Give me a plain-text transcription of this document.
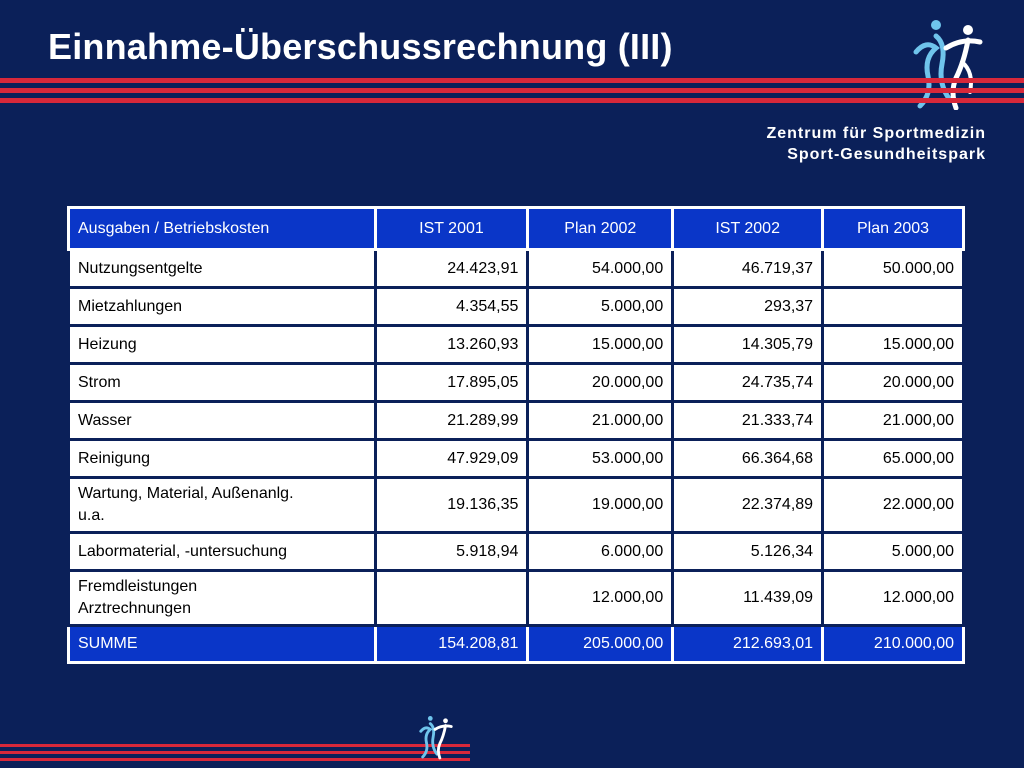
Einnahme-Überschussrechnung (III)
Zentrum für Sportmedizin
Sport-Gesundheitspark
Ausgaben / Betriebskosten	IST 2001	Plan 2002	IST 2002	Plan 2003
Nutzungsentgelte	24.423,91	54.000,00	46.719,37	50.000,00
Mietzahlungen	4.354,55	5.000,00	293,37	
Heizung	13.260,93	15.000,00	14.305,79	15.000,00
Strom	17.895,05	20.000,00	24.735,74	20.000,00
Wasser	21.289,99	21.000,00	21.333,74	21.000,00
Reinigung	47.929,09	53.000,00	66.364,68	65.000,00

Wartung, Material, Außenanlg.
u.a.	19.136,35	19.000,00	22.374,89	22.000,00
Labormaterial, -untersuchung	5.918,94	6.000,00	5.126,34	5.000,00

Fremdleistungen
Arztrechnungen		12.000,00	11.439,09	12.000,00
SUMME	154.208,81	205.000,00	212.693,01	210.000,00
